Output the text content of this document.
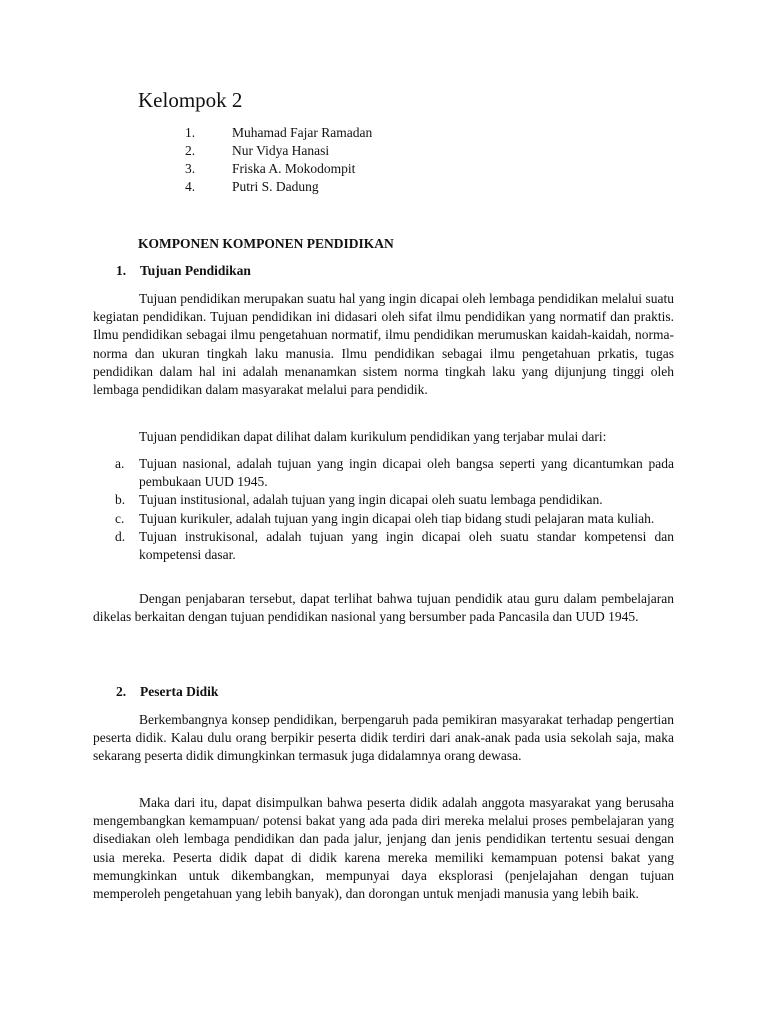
Kelompok 2
1.	Muhamad Fajar Ramadan
2.	Nur Vidya Hanasi
3.	Friska A. Mokodompit
4.	Putri S. Dadung
KOMPONEN KOMPONEN PENDIDIKAN
1.	Tujuan Pendidikan

Tujuan pendidikan merupakan suatu hal yang ingin dicapai oleh lembaga pendidikan melalui suatu kegiatan pendidikan. Tujuan pendidikan ini didasari oleh sifat ilmu pendidikan yang normatif dan praktis. Ilmu pendidikan sebagai ilmu pengetahuan normatif, ilmu pendidikan merumuskan kaidah-kaidah, norma-norma dan ukuran tingkah laku manusia. Ilmu pendidikan sebagai ilmu pengetahuan prkatis, tugas pendidikan dalam hal ini adalah menanamkan sistem norma tingkah laku yang dijunjung tinggi oleh lembaga pendidikan dalam masyarakat melalui para pendidik.

Tujuan pendidikan dapat dilihat dalam kurikulum pendidikan yang terjabar mulai dari:

a.	Tujuan nasional, adalah tujuan yang ingin dicapai oleh bangsa seperti yang dicantumkan pada pembukaan UUD 1945.
b.	Tujuan institusional, adalah tujuan yang ingin dicapai oleh suatu lembaga pendidikan.
c.	Tujuan kurikuler, adalah tujuan yang ingin dicapai oleh tiap bidang studi pelajaran mata kuliah.
d.	Tujuan instrukisonal, adalah tujuan yang ingin dicapai oleh suatu standar kompetensi dan kompetensi dasar.

Dengan penjabaran tersebut, dapat terlihat bahwa tujuan pendidik atau guru dalam pembelajaran dikelas berkaitan dengan tujuan pendidikan nasional yang bersumber pada Pancasila dan UUD 1945.

2.	Peserta Didik

Berkembangnya konsep pendidikan, berpengaruh pada pemikiran masyarakat terhadap pengertian peserta didik. Kalau dulu orang berpikir peserta didik terdiri dari anak-anak pada usia sekolah saja, maka sekarang peserta didik dimungkinkan termasuk juga didalamnya orang dewasa.

Maka dari itu, dapat disimpulkan bahwa peserta didik adalah anggota masyarakat yang berusaha mengembangkan kemampuan/ potensi bakat yang ada pada diri mereka melalui proses pembelajaran yang disediakan oleh lembaga pendidikan dan pada jalur, jenjang dan jenis pendidikan tertentu sesuai dengan usia mereka. Peserta didik dapat di didik karena mereka memiliki kemampuan potensi bakat yang memungkinkan untuk dikembangkan, mempunyai daya eksplorasi (penjelajahan dengan tujuan memperoleh pengetahuan yang lebih banyak), dan dorongan untuk menjadi manusia yang lebih baik.
